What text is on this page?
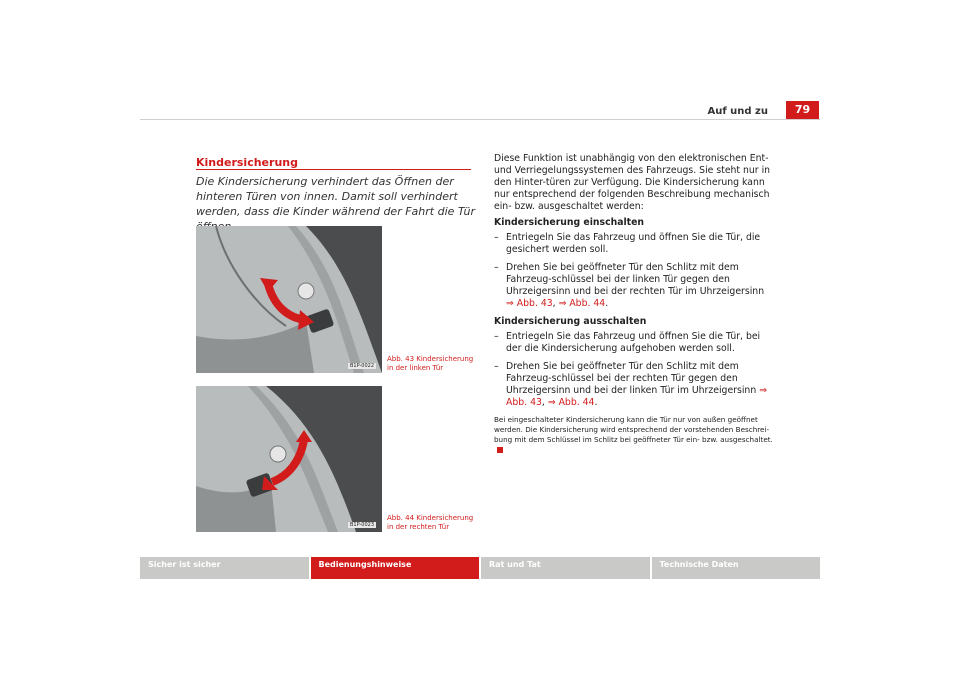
Auf und zu	79
Kindersicherung
Die Kindersicherung verhindert das Öffnen der hinteren Türen von innen. Damit soll verhindert werden, dass die Kinder während der Fahrt die Tür
B1P-0022
Abb. 43 Kindersicherung in der linken Tür
B1P-0023
Abb. 44 Kindersicherung in der rechten Tür

Diese Funktion ist unabhängig von den elektronischen Ent- und Verriegelungssystemen des Fahrzeugs. Sie steht nur in den Hinter-türen zur Verfügung. Die Kindersicherung kann nur entsprechend der folgenden Beschreibung mechanisch ein- bzw. ausgeschaltet werden:

Kindersicherung einschalten

– Entriegeln Sie das Fahrzeug und öffnen Sie die Tür, die gesichert werden soll.
– Drehen Sie bei geöffneter Tür den Schlitz mit dem Fahrzeug-schlüssel bei der linken Tür gegen den Uhrzeigersinn und bei der rechten Tür im Uhrzeigersinn ⇒ Abb. 43, ⇒ Abb. 44.

Kindersicherung ausschalten

– Entriegeln Sie das Fahrzeug und öffnen Sie die Tür, bei der die Kindersicherung aufgehoben werden soll.
– Drehen Sie bei geöffneter Tür den Schlitz mit dem Fahrzeug-schlüssel bei der rechten Tür gegen den Uhrzeigersinn und bei der linken Tür im Uhrzeigersinn ⇒ Abb. 43, ⇒ Abb. 44.

Bei eingeschalteter Kindersicherung kann die Tür nur von außen geöffnet werden. Die Kindersicherung wird entsprechend der vorstehenden Beschrei-bung mit dem Schlüssel im Schlitz bei geöffneter Tür ein- bzw. ausgeschaltet.

Sicher ist sicher	Bedienungshinweise	Rat und Tat	Technische Daten
